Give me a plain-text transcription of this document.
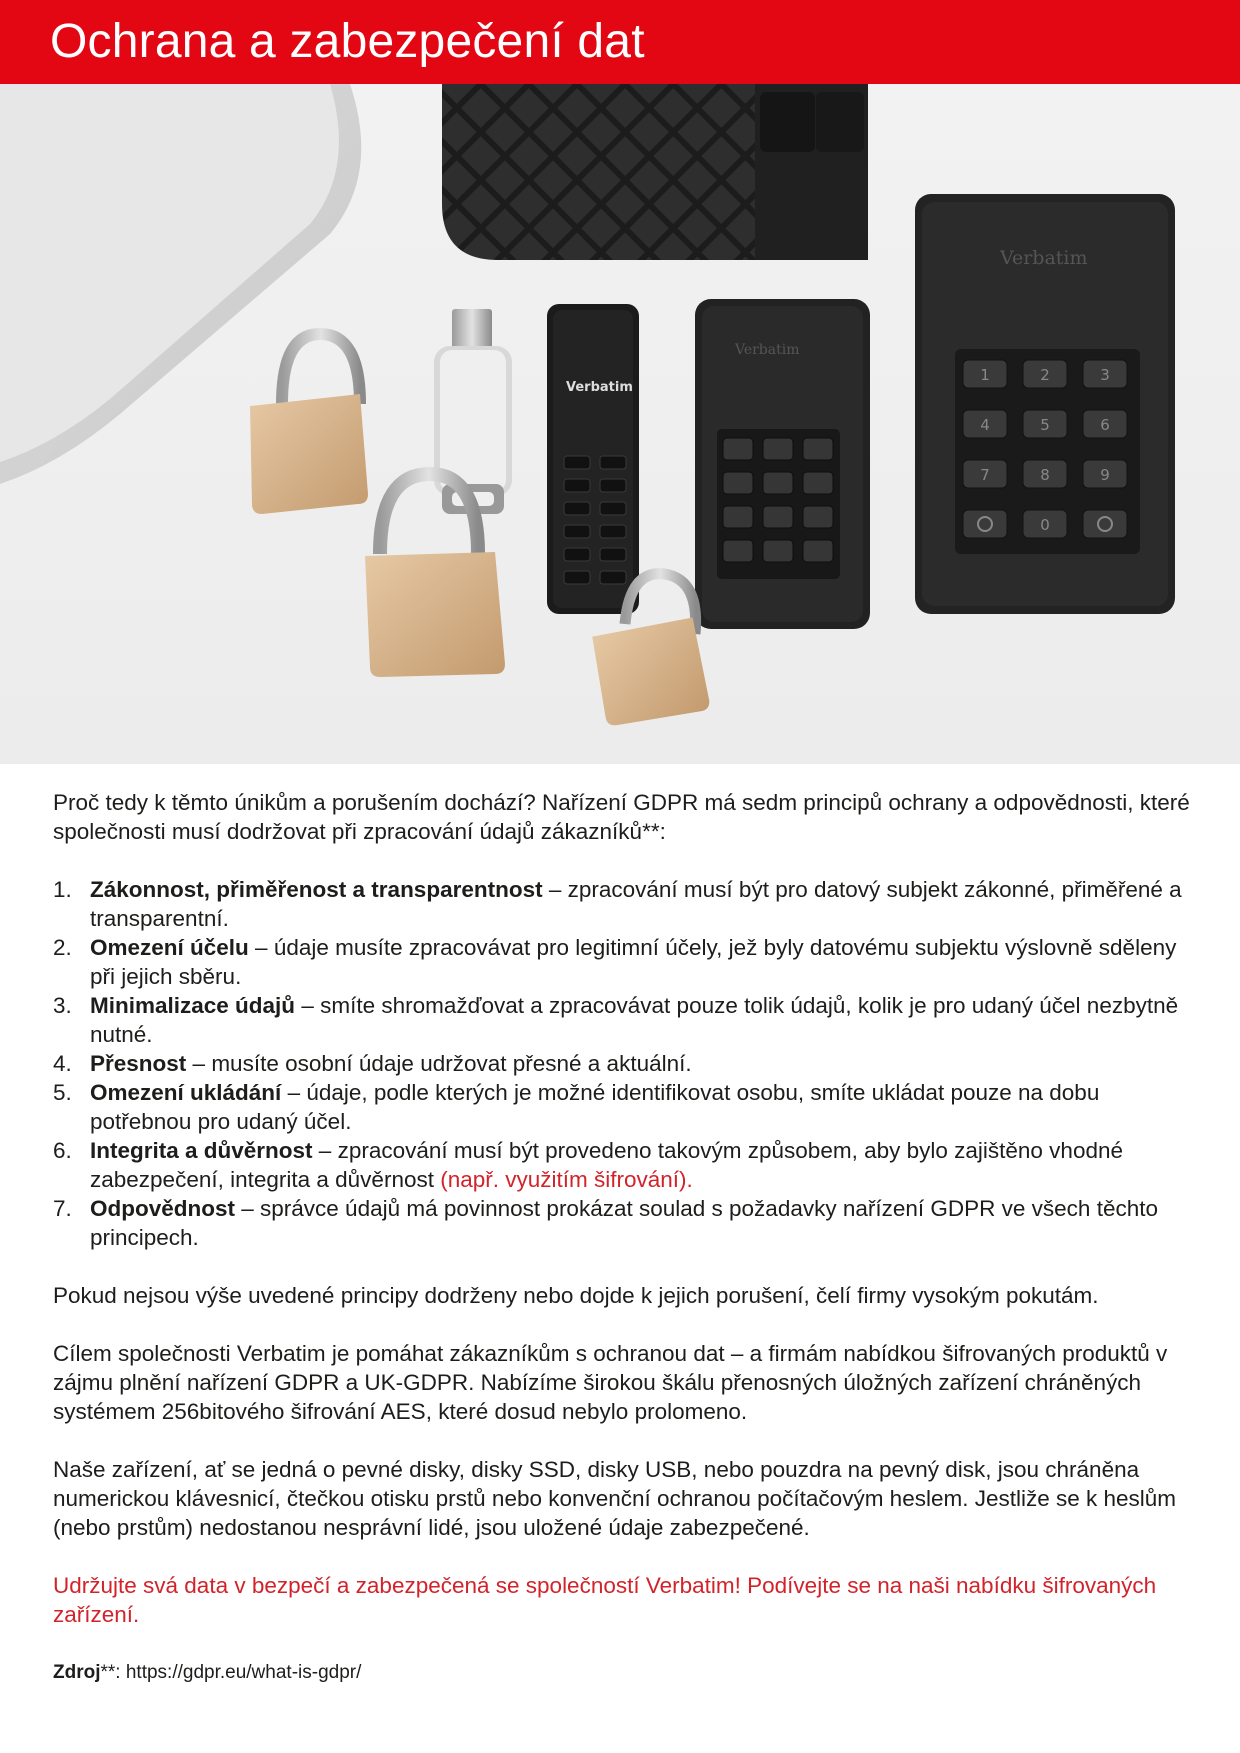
Ochrana a zabezpečení dat
Verbatim
1	2	3
4	5	6
7	8	9
0
Verbatim
Verbatim

Proč tedy k těmto únikům a porušením dochází? Nařízení GDPR má sedm principů ochrany a odpovědnosti, které společnosti musí dodržovat při zpracování údajů zákazníků**:

1. Zákonnost, přiměřenost a transparentnost – zpracování musí být pro datový subjekt zákonné, přiměřené a transparentní.
2. Omezení účelu – údaje musíte zpracovávat pro legitimní účely, jež byly datovému subjektu výslovně sděleny při jejich sběru.
3. Minimalizace údajů – smíte shromažďovat a zpracovávat pouze tolik údajů, kolik je pro udaný účel nezbytně nutné.
4. Přesnost – musíte osobní údaje udržovat přesné a aktuální.
5. Omezení ukládání – údaje, podle kterých je možné identifikovat osobu, smíte ukládat pouze na dobu potřebnou pro udaný účel.
6. Integrita a důvěrnost – zpracování musí být provedeno takovým způsobem, aby bylo zajištěno vhodné zabezpečení, integrita a důvěrnost (např. využitím šifrování).
7. Odpovědnost – správce údajů má povinnost prokázat soulad s požadavky nařízení GDPR ve všech těchto principech.

Pokud nejsou výše uvedené principy dodrženy nebo dojde k jejich porušení, čelí firmy vysokým pokutám.

Cílem společnosti Verbatim je pomáhat zákazníkům s ochranou dat – a firmám nabídkou šifrovaných produktů v zájmu plnění nařízení GDPR a UK-GDPR. Nabízíme širokou škálu přenosných úložných zařízení chráněných systémem 256bitového šifrování AES, které dosud nebylo prolomeno.

Naše zařízení, ať se jedná o pevné disky, disky SSD, disky USB, nebo pouzdra na pevný disk, jsou chráněna numerickou klávesnicí, čtečkou otisku prstů nebo konvenční ochranou počítačovým heslem. Jestliže se k heslům (nebo prstům) nedostanou nesprávní lidé, jsou uložené údaje zabezpečené.

Udržujte svá data v bezpečí a zabezpečená se společností Verbatim! Podívejte se na naši nabídku šifrovaných zařízení.

Zdroj**: https://gdpr.eu/what-is-gdpr/
